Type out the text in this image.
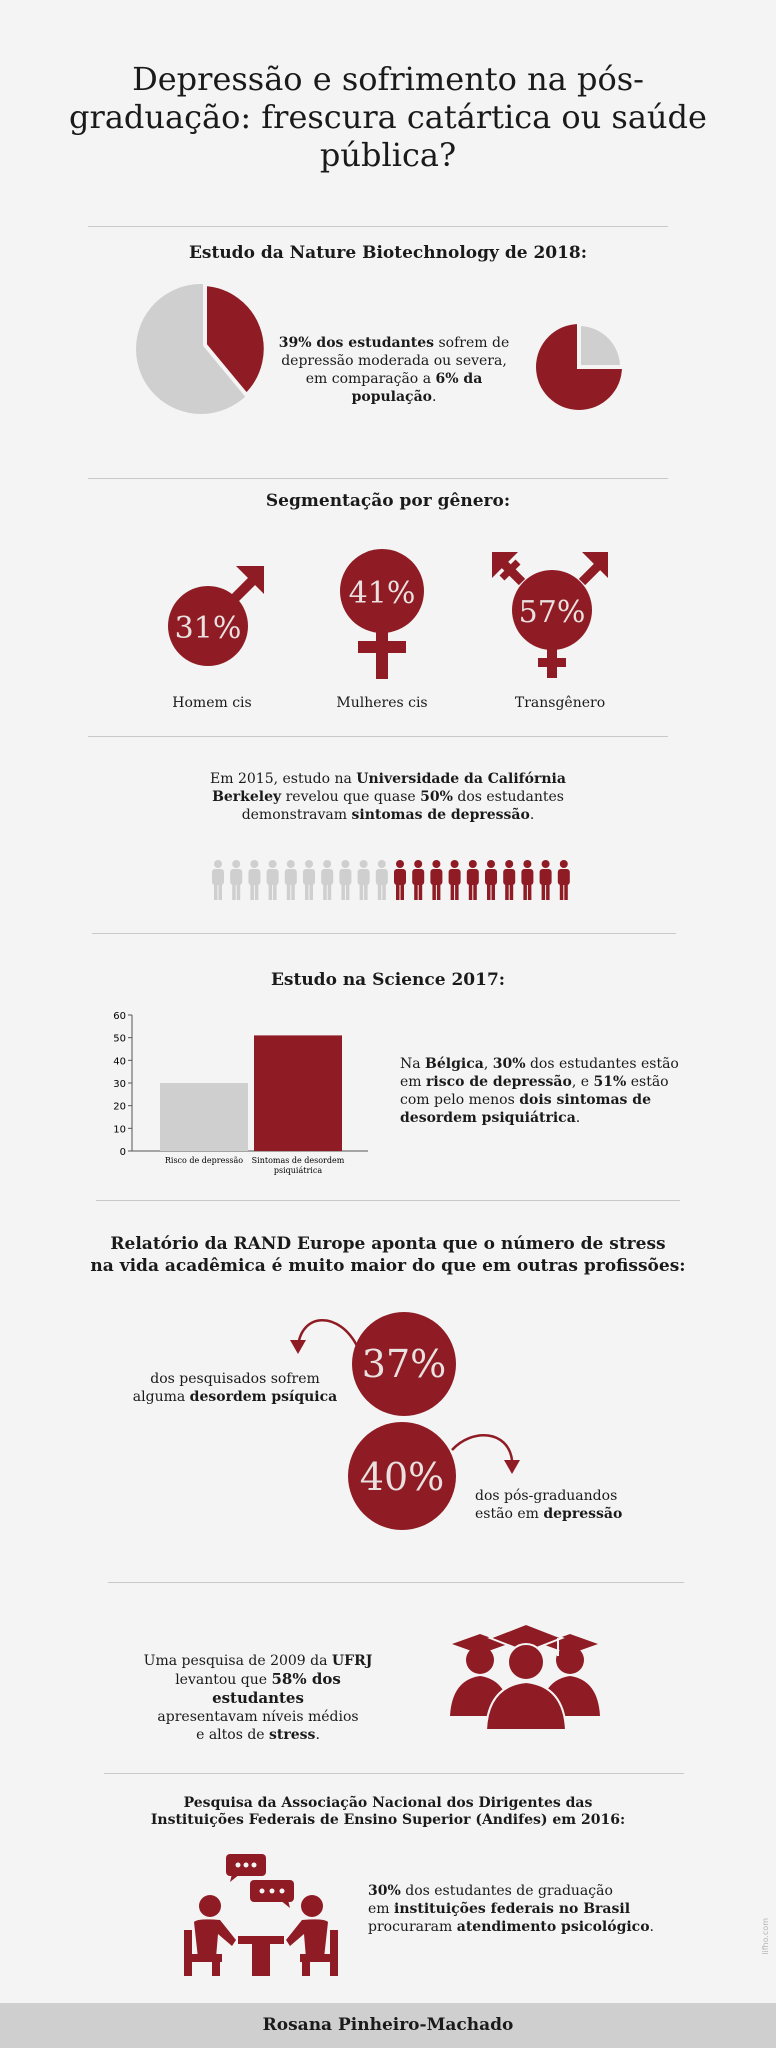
Depressão e sofrimento na pós-graduação: frescura catártica ou saúde pública?
Estudo da Nature Biotechnology de 2018:
39% dos estudantes sofrem de depressão moderada ou severa, em comparação a 6% da população.
Segmentação por gênero:
31%
Homem cis
41%
Mulheres cis
57%
Transgênero
Em 2015, estudo na Universidade da Califórnia Berkeley revelou que quase 50% dos estudantes demonstravam sintomas de depressão.
Estudo na Science 2017:
0
10
20
30
40
50
60
Risco de depressão Sintomas de desordem psiquiátrica
Na Bélgica, 30% dos estudantes estão em risco de depressão, e 51% estão com pelo menos dois sintomas de desordem psiquiátrica.
Relatório da RAND Europe aponta que o número de stress
na vida acadêmica é muito maior do que em outras profissões:
37%
40%
dos pesquisados sofrem
alguma desordem psíquica
dos pós-graduandos
estão em depressão
Uma pesquisa de 2009 da UFRJ
levantou que 58% dos estudantes
apresentavam níveis médios
e altos de stress.
Pesquisa da Associação Nacional dos Dirigentes das
Instituições Federais de Ensino Superior (Andifes) em 2016:
30% dos estudantes de graduação
em instituições federais no Brasil
procuraram atendimento psicológico.	lifho.com
Rosana Pinheiro-Machado
